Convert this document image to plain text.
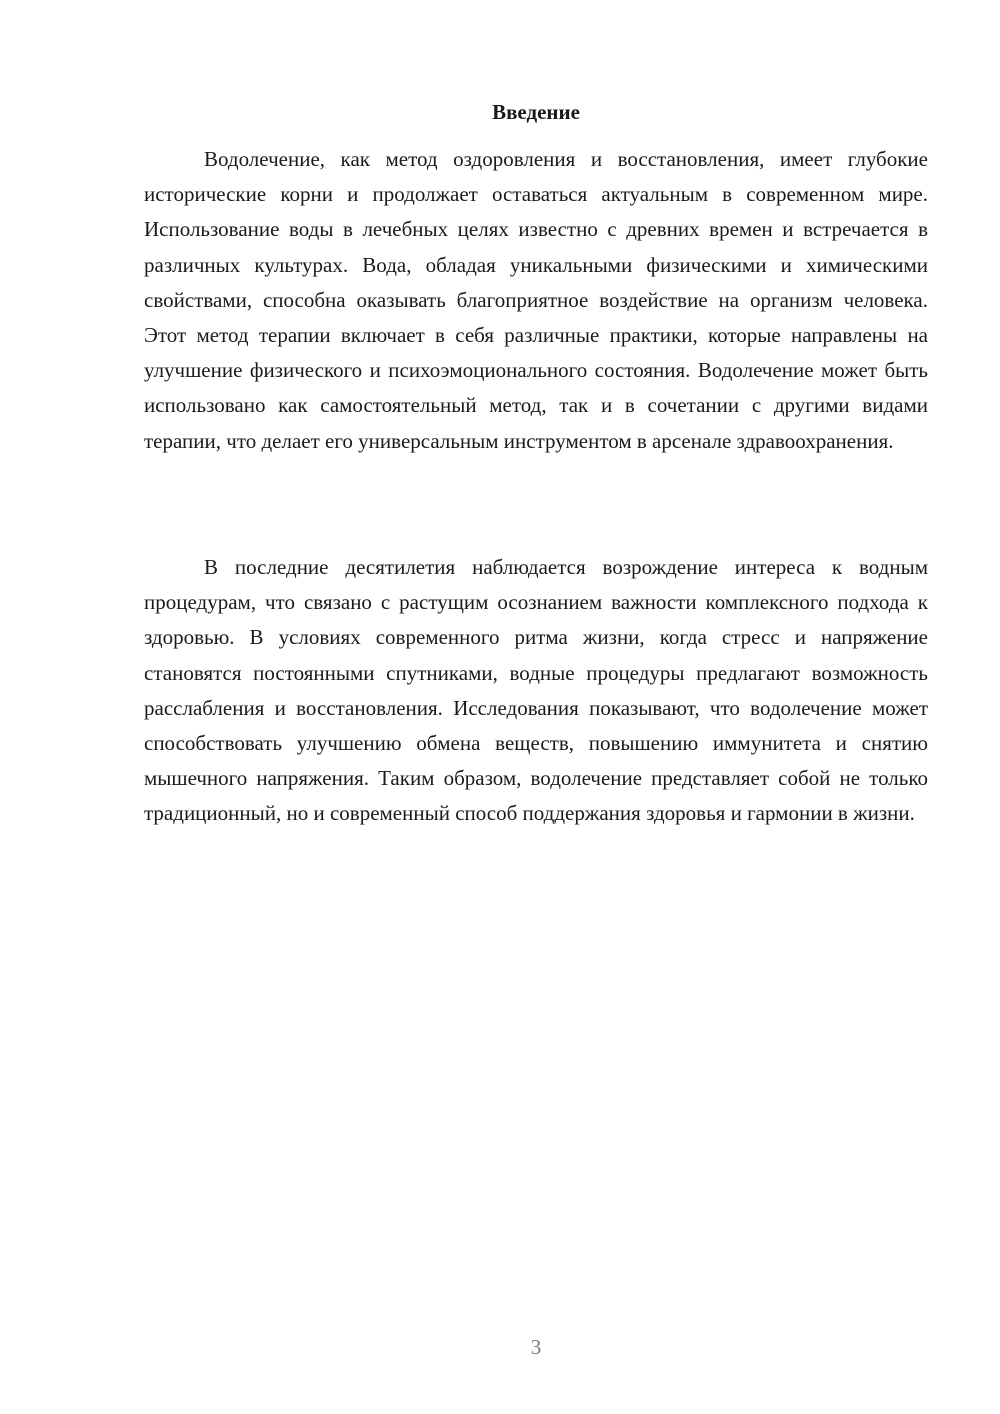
Введение

Водолечение, как метод оздоровления и восстановления, имеет глубокие исторические корни и продолжает оставаться актуальным в современном мире. Использование воды в лечебных целях известно с древних времен и встречается в различных культурах. Вода, обладая уникальными физическими и химическими свойствами, способна оказывать благоприятное воздействие на организм человека. Этот метод терапии включает в себя различные практики, которые направлены на улучшение физического и психоэмоционального состояния. Водолечение может быть использовано как самостоятельный метод, так и в сочетании с другими видами терапии, что делает его универсальным инструментом в арсенале здравоохранения.

В последние десятилетия наблюдается возрождение интереса к водным процедурам, что связано с растущим осознанием важности комплексного подхода к здоровью. В условиях современного ритма жизни, когда стресс и напряжение становятся постоянными спутниками, водные процедуры предлагают возможность расслабления и восстановления. Исследования показывают, что водолечение может способствовать улучшению обмена веществ, повышению иммунитета и снятию мышечного напряжения. Таким образом, водолечение представляет собой не только традиционный, но и современный способ поддержания здоровья и гармонии в жизни.

3
